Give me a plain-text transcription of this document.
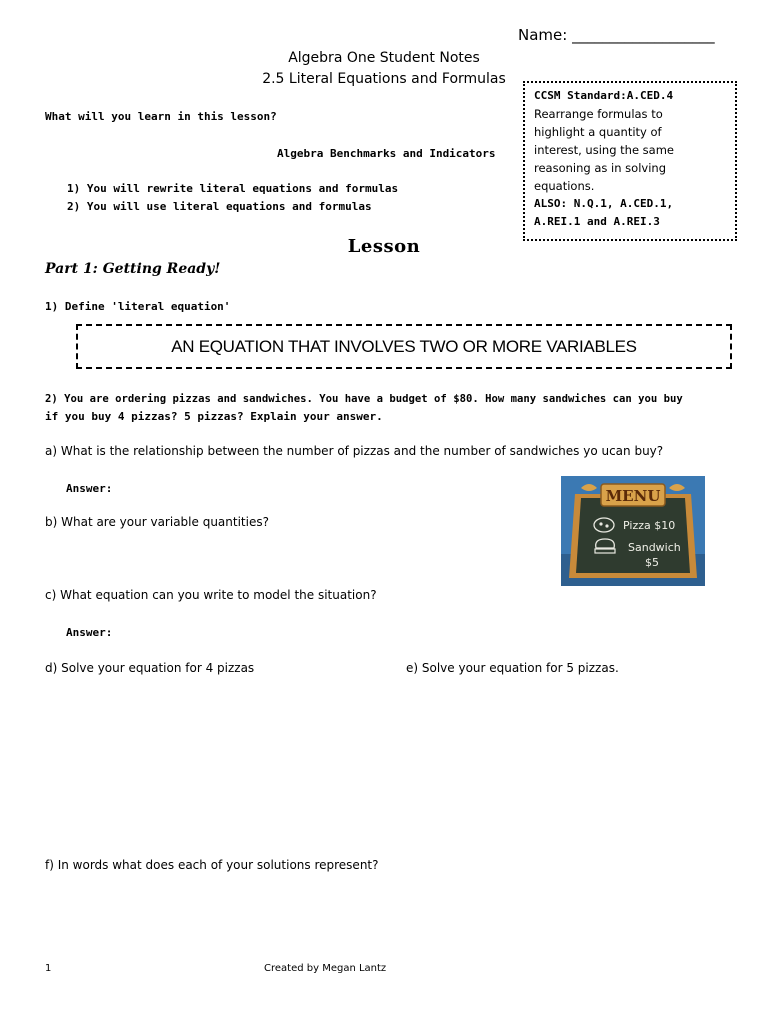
Name: ___________________
Algebra One Student Notes
2.5 Literal Equations and Formulas
What will you learn in this lesson?
Algebra Benchmarks and Indicators
1) You will rewrite literal equations and formulas
2) You will use literal equations and formulas
CCSM Standard:A.CED.4
Rearrange formulas to
highlight a quantity of
interest, using the same
reasoning as in solving
equations.
ALSO: N.Q.1, A.CED.1,
A.REI.1 and A.REI.3
Lesson
Part 1: Getting Ready!
1) Define 'literal equation'
AN EQUATION THAT INVOLVES TWO OR MORE VARIABLES
2) You are ordering pizzas and sandwiches. You have a budget of $80. How many sandwiches can you buy
if you buy 4 pizzas? 5 pizzas? Explain your answer.
a) What is the relationship between the number of pizzas and the number of sandwiches yo ucan buy?
Answer:
b) What are your variable quantities?
c) What equation can you write to model the situation?
Answer:
d) Solve your equation for 4 pizzas	e) Solve your equation for 5 pizzas.
f) In words what does each of your solutions represent?
MENU
Pizza $10
Sandwich
$5
1	Created by Megan Lantz
